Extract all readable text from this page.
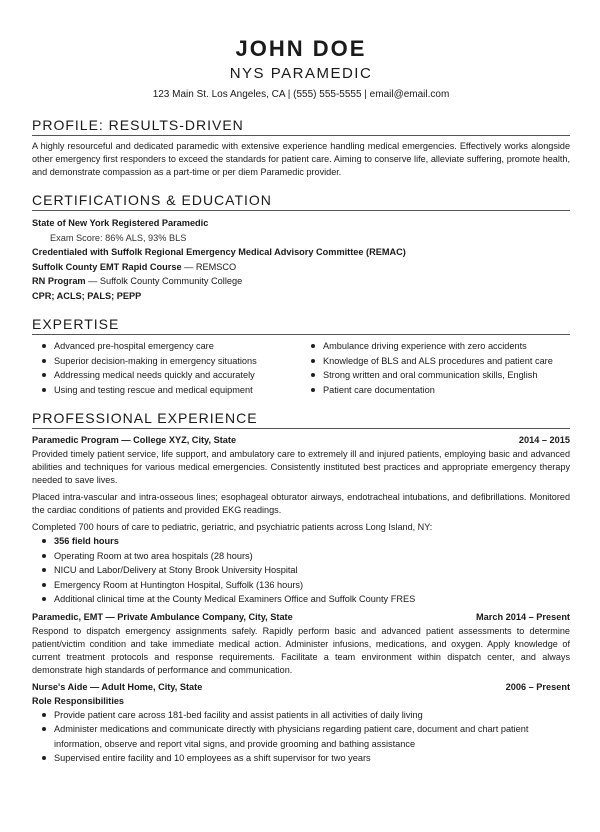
JOHN DOE
NYS PARAMEDIC
123 Main St. Los Angeles, CA | (555) 555-5555 | email@email.com
PROFILE: RESULTS-DRIVEN

A highly resourceful and dedicated paramedic with extensive experience handling medical emergencies. Effectively works alongside other emergency first responders to exceed the standards for patient care. Aiming to conserve life, alleviate suffering, promote health, and demonstrate compassion as a part-time or per diem Paramedic provider.

CERTIFICATIONS & EDUCATION

State of New York Registered Paramedic

Exam Score: 86% ALS, 93% BLS

Credentialed with Suffolk Regional Emergency Medical Advisory Committee (REMAC)

Suffolk County EMT Rapid Course — REMSCO

RN Program — Suffolk County Community College

CPR; ACLS; PALS; PEPP

EXPERTISE
Advanced pre-hospital emergency care
Superior decision-making in emergency situations
Addressing medical needs quickly and accurately
Using and testing rescue and medical equipment
Ambulance driving experience with zero accidents
Knowledge of BLS and ALS procedures and patient care
Strong written and oral communication skills, English
Patient care documentation
PROFESSIONAL EXPERIENCE
Paramedic Program — College XYZ, City, State	2014 – 2015

Provided timely patient service, life support, and ambulatory care to extremely ill and injured patients, employing basic and advanced abilities and techniques for various medical emergencies. Consistently instituted best practices and appropriate emergency therapy needed to save lives.

Placed intra-vascular and intra-osseous lines; esophageal obturator airways, endotracheal intubations, and defibrillations. Monitored the cardiac conditions of patients and provided EKG readings.

Completed 700 hours of care to pediatric, geriatric, and psychiatric patients across Long Island, NY:

356 field hours
Operating Room at two area hospitals (28 hours)
NICU and Labor/Delivery at Stony Brook University Hospital
Emergency Room at Huntington Hospital, Suffolk (136 hours)
Additional clinical time at the County Medical Examiners Office and Suffolk County FRES
Paramedic, EMT — Private Ambulance Company, City, State	March 2014 – Present

Respond to dispatch emergency assignments safely. Rapidly perform basic and advanced patient assessments to determine patient/victim condition and take immediate medical action. Administer infusions, medications, and oxygen. Apply knowledge of current treatment protocols and response requirements. Facilitate a team environment within dispatch center, and always demonstrate high standards of performance and communication.

Nurse's Aide — Adult Home, City, State	2006 – Present
Role Responsibilities
Provide patient care across 181-bed facility and assist patients in all activities of daily living
Administer medications and communicate directly with physicians regarding patient care, document and chart patient information, observe and report vital signs, and provide grooming and bathing assistance
Supervised entire facility and 10 employees as a shift supervisor for two years
